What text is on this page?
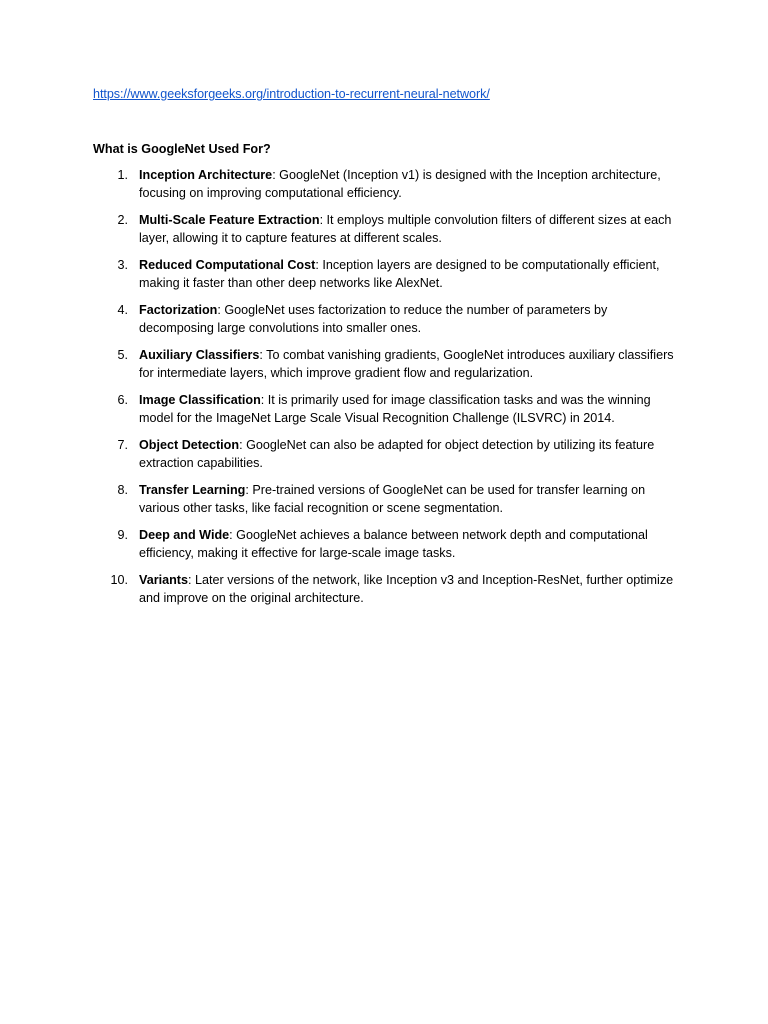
https://www.geeksforgeeks.org/introduction-to-recurrent-neural-network/
What is GoogleNet Used For?
1. Inception Architecture: GoogleNet (Inception v1) is designed with the Inception architecture, focusing on improving computational efficiency.
2. Multi-Scale Feature Extraction: It employs multiple convolution filters of different sizes at each layer, allowing it to capture features at different scales.
3. Reduced Computational Cost: Inception layers are designed to be computationally efficient, making it faster than other deep networks like AlexNet.
4. Factorization: GoogleNet uses factorization to reduce the number of parameters by decomposing large convolutions into smaller ones.
5. Auxiliary Classifiers: To combat vanishing gradients, GoogleNet introduces auxiliary classifiers for intermediate layers, which improve gradient flow and regularization.
6. Image Classification: It is primarily used for image classification tasks and was the winning model for the ImageNet Large Scale Visual Recognition Challenge (ILSVRC) in 2014.
7. Object Detection: GoogleNet can also be adapted for object detection by utilizing its feature extraction capabilities.
8. Transfer Learning: Pre-trained versions of GoogleNet can be used for transfer learning on various other tasks, like facial recognition or scene segmentation.
9. Deep and Wide: GoogleNet achieves a balance between network depth and computational efficiency, making it effective for large-scale image tasks.
10. Variants: Later versions of the network, like Inception v3 and Inception-ResNet, further optimize and improve on the original architecture.
